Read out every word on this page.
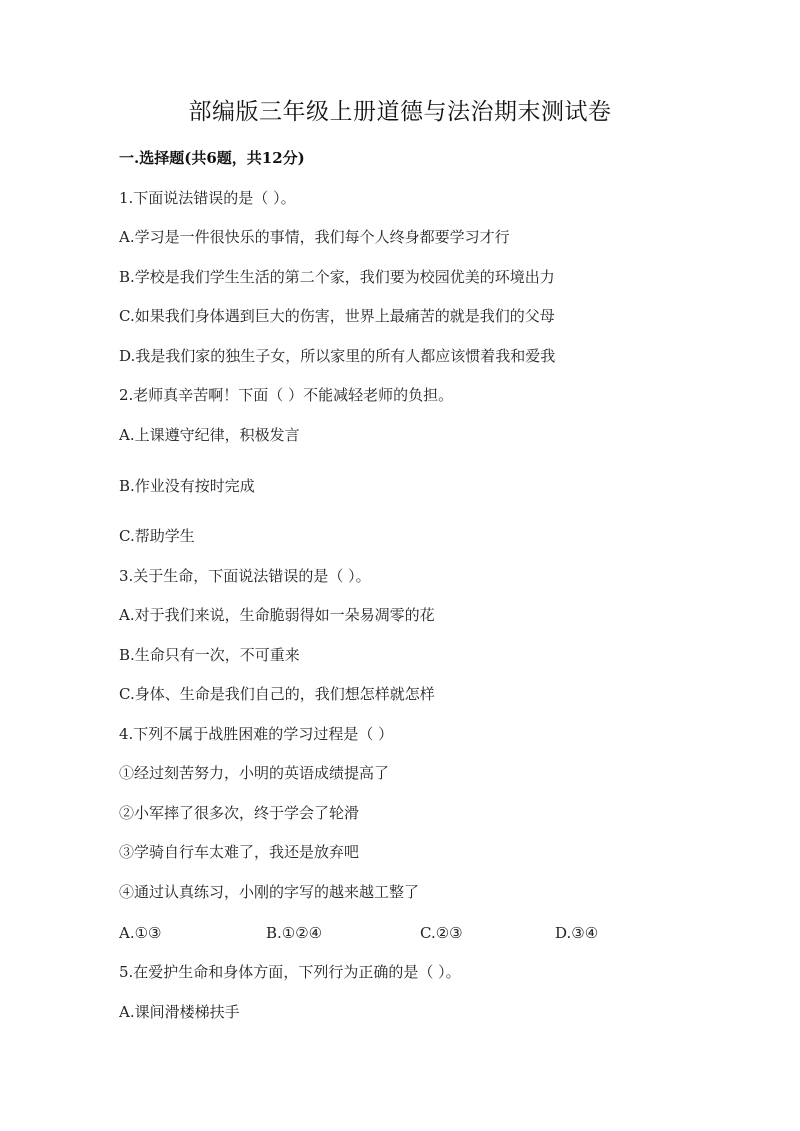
部编版三年级上册道德与法治期末测试卷
一.选择题(共6题，共12分)
1.下面说法错误的是（ ）。
A.学习是一件很快乐的事情，我们每个人终身都要学习才行
B.学校是我们学生生活的第二个家，我们要为校园优美的环境出力
C.如果我们身体遇到巨大的伤害，世界上最痛苦的就是我们的父母
D.我是我们家的独生子女，所以家里的所有人都应该惯着我和爱我
2.老师真辛苦啊！下面（ ）不能减轻老师的负担。
A.上课遵守纪律，积极发言
B.作业没有按时完成
C.帮助学生
3.关于生命，下面说法错误的是（ ）。
A.对于我们来说，生命脆弱得如一朵易凋零的花
B.生命只有一次，不可重来
C.身体、生命是我们自己的，我们想怎样就怎样
4.下列不属于战胜困难的学习过程是（ ）
①经过刻苦努力，小明的英语成绩提高了
②小军摔了很多次，终于学会了轮滑
③学骑自行车太难了，我还是放弃吧
④通过认真练习，小刚的字写的越来越工整了
A.①③	B.①②④	C.②③	D.③④
5.在爱护生命和身体方面，下列行为正确的是（ ）。
A.课间滑楼梯扶手
